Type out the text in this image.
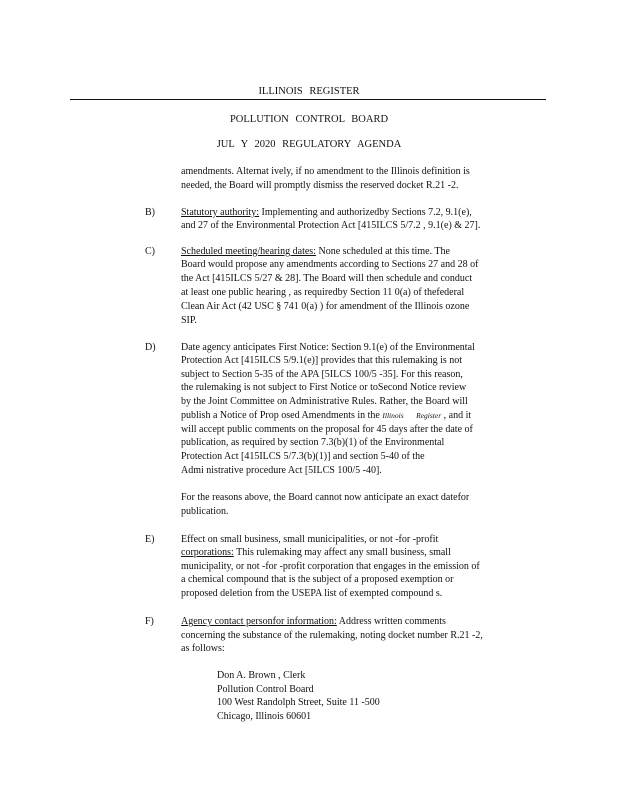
ILLINOIS REGISTER
POLLUTION CONTROL BOARD
JUL Y 2020 REGULATORY AGENDA
amendments. Alternat ively, if no amendment to the Illinois definition is
needed, the Board will promptly dismiss the reserved docket R.21 -2.
B)	Statutory authority: Implementing and authorizedby Sections 7.2, 9.1(e),
and 27 of the Environmental Protection Act [415ILCS 5/7.2 , 9.1(e) & 27].
C)	Scheduled meeting/hearing dates: None scheduled at this time. The
Board would propose any amendments according to Sections 27 and 28 of
the Act [415ILCS 5/27 & 28]. The Board will then schedule and conduct
at least one public hearing , as requiredby Section 11 0(a) of thefederal
Clean Air Act (42 USC § 741 0(a) ) for amendment of the Illinois ozone
SIP.
D)	Date agency anticipates First Notice: Section 9.1(e) of the Environmental
Protection Act [415ILCS 5/9.1(e)] provides that this rulemaking is not
subject to Section 5-35 of the APA [5ILCS 100/5 -35]. For this reason,
the rulemaking is not subject to First Notice or toSecond Notice review
by the Joint Committee on Administrative Rules. Rather, the Board will
publish a Notice of Prop osed Amendments in the Illinois Register , and it
will accept public comments on the proposal for 45 days after the date of
publication, as required by section 7.3(b)(1) of the Environmental
Protection Act [415ILCS 5/7.3(b)(1)] and section 5-40 of the
Admi nistrative procedure Act [5ILCS 100/5 -40].
For the reasons above, the Board cannot now anticipate an exact datefor
publication.
E)	Effect on small business, small municipalities, or not -for -profit
corporations: This rulemaking may affect any small business, small
municipality, or not -for -profit corporation that engages in the emission of
a chemical compound that is the subject of a proposed exemption or
proposed deletion from the USEPA list of exempted compound s.
F)	Agency contact personfor information: Address written comments
concerning the substance of the rulemaking, noting docket number R.21 -2,
as follows:
Don A. Brown , Clerk
Pollution Control Board
100 West Randolph Street, Suite 11 -500
Chicago, Illinois 60601
